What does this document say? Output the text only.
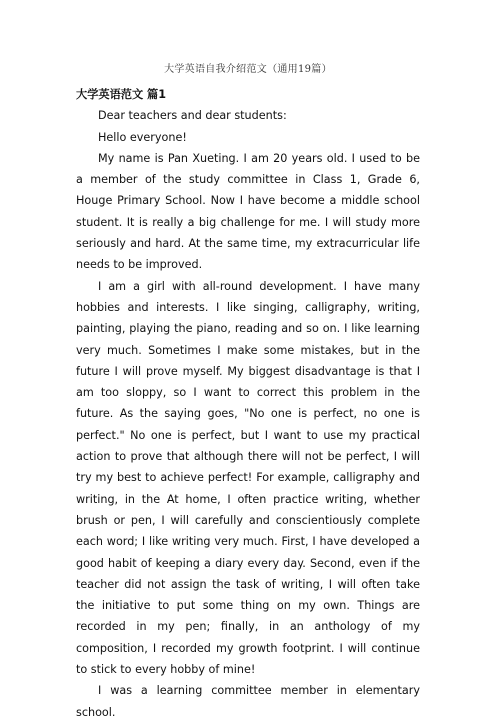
大学英语自我介绍范文（通用19篇）
大学英语范文 篇1

Dear teachers and dear students:

Hello everyone!

My name is Pan Xueting. I am 20 years old. I used to be a member of the study committee in Class 1, Grade 6, Houge Primary School. Now I have become a middle school student. It is really a big challenge for me. I will study more seriously and hard. At the same time, my extracurricular life needs to be improved.

I am a girl with all-round development. I have many hobbies and interests. I like singing, calligraphy, writing, painting, playing the piano, reading and so on. I like learning very much. Sometimes I make some mistakes, but in the future I will prove myself. My biggest disadvantage is that I am too sloppy, so I want to correct this problem in the future. As the saying goes, "No one is perfect, no one is perfect." No one is perfect, but I want to use my practical action to prove that although there will not be perfect, I will try my best to achieve perfect! For example, calligraphy and writing, in the At home, I often practice writing, whether brush or pen, I will carefully and conscientiously complete each word; I like writing very much. First, I have developed a good habit of keeping a diary every day. Second, even if the teacher did not assign the task of writing, I will often take the initiative to put some thing on my own. Things are recorded in my pen; finally, in an anthology of my composition, I recorded my growth footprint. I will continue to stick to every hobby of mine!

I was a learning committee member in elementary school.
